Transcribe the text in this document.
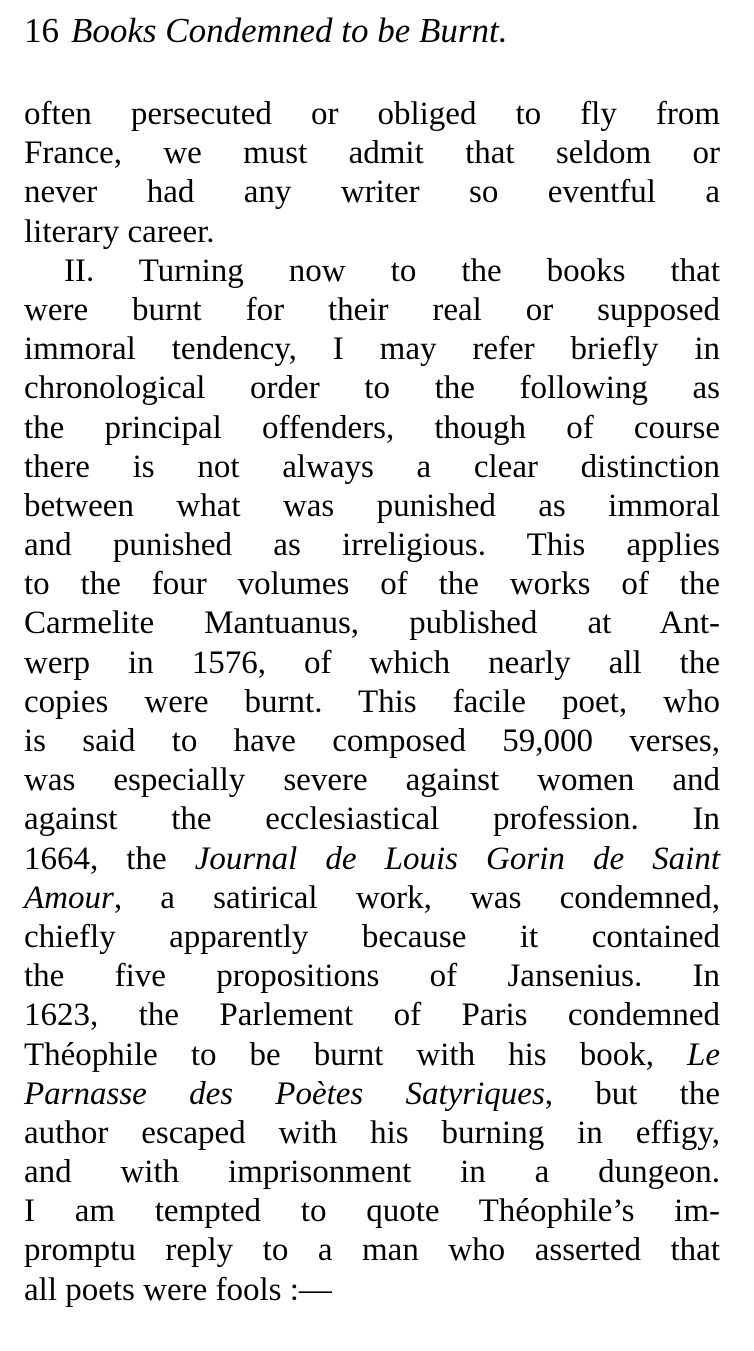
16 Books Condemned to be Burnt.
often persecuted or obliged to fly from
France, we must admit that seldom or
never had any writer so eventful a
literary career.
II. Turning now to the books that
were burnt for their real or supposed
immoral tendency, I may refer briefly in
chronological order to the following as
the principal offenders, though of course
there is not always a clear distinction
between what was punished as immoral
and punished as irreligious. This applies
to the four volumes of the works of the
Carmelite Mantuanus, published at Ant-
werp in 1576, of which nearly all the
copies were burnt. This facile poet, who
is said to have composed 59,000 verses,
was especially severe against women and
against the ecclesiastical profession. In
1664, the Journal de Louis Gorin de Saint
Amour, a satirical work, was condemned,
chiefly apparently because it contained
the five propositions of Jansenius. In
1623, the Parlement of Paris condemned
Théophile to be burnt with his book, Le
Parnasse des Poètes Satyriques, but the
author escaped with his burning in effigy,
and with imprisonment in a dungeon.
I am tempted to quote Théophile’s im-
promptu reply to a man who asserted that
all poets were fools :—
